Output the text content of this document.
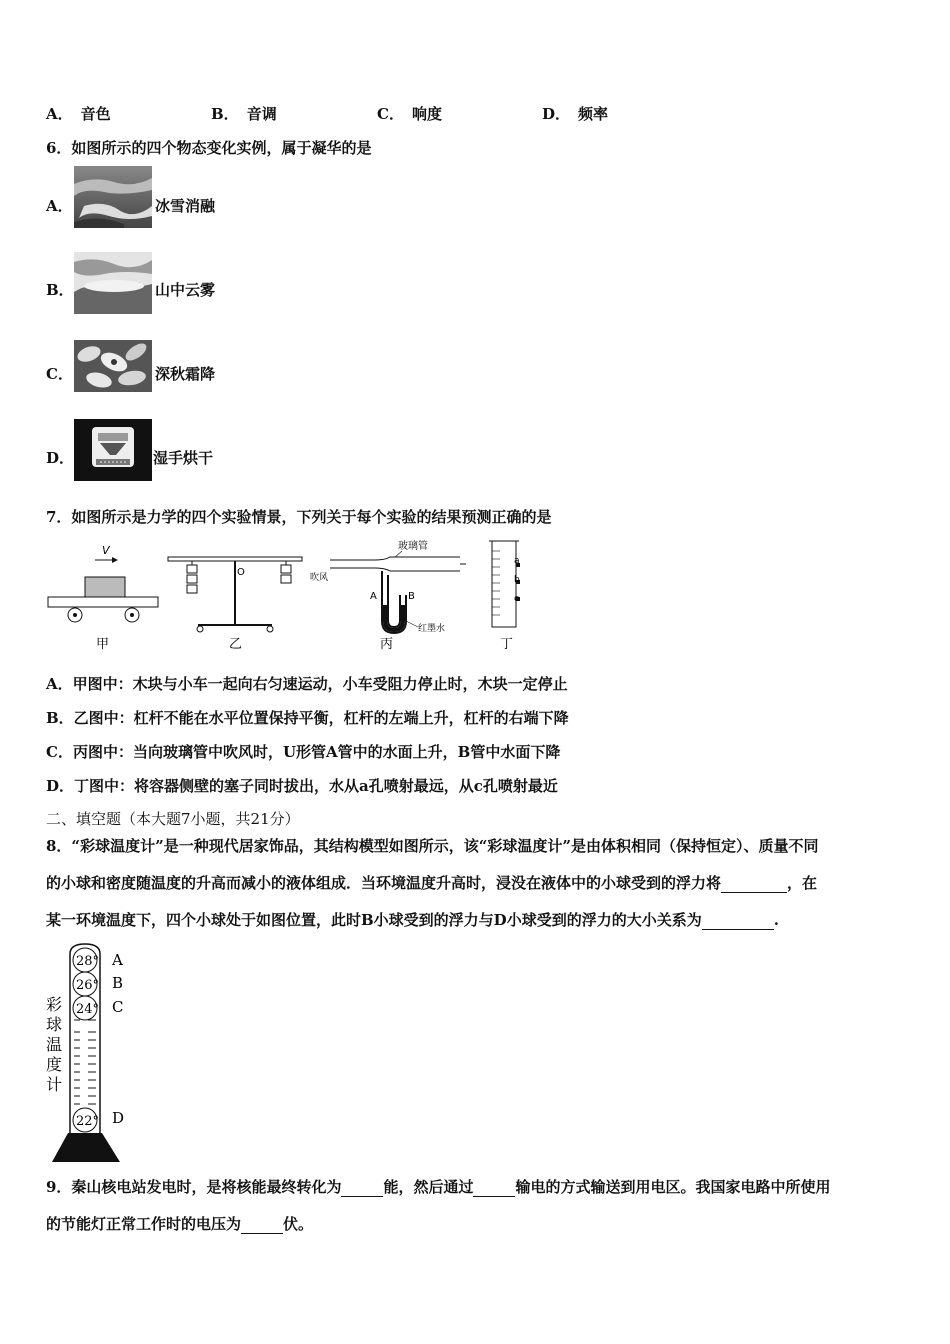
A． 音色	B． 音调	C． 响度	D． 频率
6．如图所示的四个物态变化实例，属于凝华的是
A．	冰雪消融
B．	山中云雾
C．	深秋霜降
D．	湿手烘干
7．如图所示是力学的四个实验情景，下列关于每个实验的结果预测正确的是
V
O
玻璃管
吹风
A	B
红墨水
a
b
c
甲	乙	丙	丁
A．甲图中：木块与小车一起向右匀速运动，小车受阻力停止时，木块一定停止
B．乙图中：杠杆不能在水平位置保持平衡，杠杆的左端上升，杠杆的右端下降
C．丙图中：当向玻璃管中吹风时，U形管A管中的水面上升，B管中水面下降
D．丁图中：将容器侧壁的塞子同时拔出，水从a孔喷射最远，从c孔喷射最近
二、填空题（本大题7小题，共21分）
8．“彩球温度计”是一种现代居家饰品，其结构模型如图所示，该“彩球温度计”是由体积相同（保持恒定）、质量不同
的小球和密度随温度的升高而减小的液体组成．当环境温度升高时，浸没在液体中的小球受到的浮力将	，在
某一环境温度下，四个小球处于如图位置，此时B小球受到的浮力与D小球受到的浮力的大小关系为	.
彩
球
温
度
计
28° A
26° B
24° C
22° D
9．秦山核电站发电时，是将核能最终转化为	能，然后通过	输电的方式输送到用电区。我国家电路中所使用
的节能灯正常工作时的电压为	伏。
